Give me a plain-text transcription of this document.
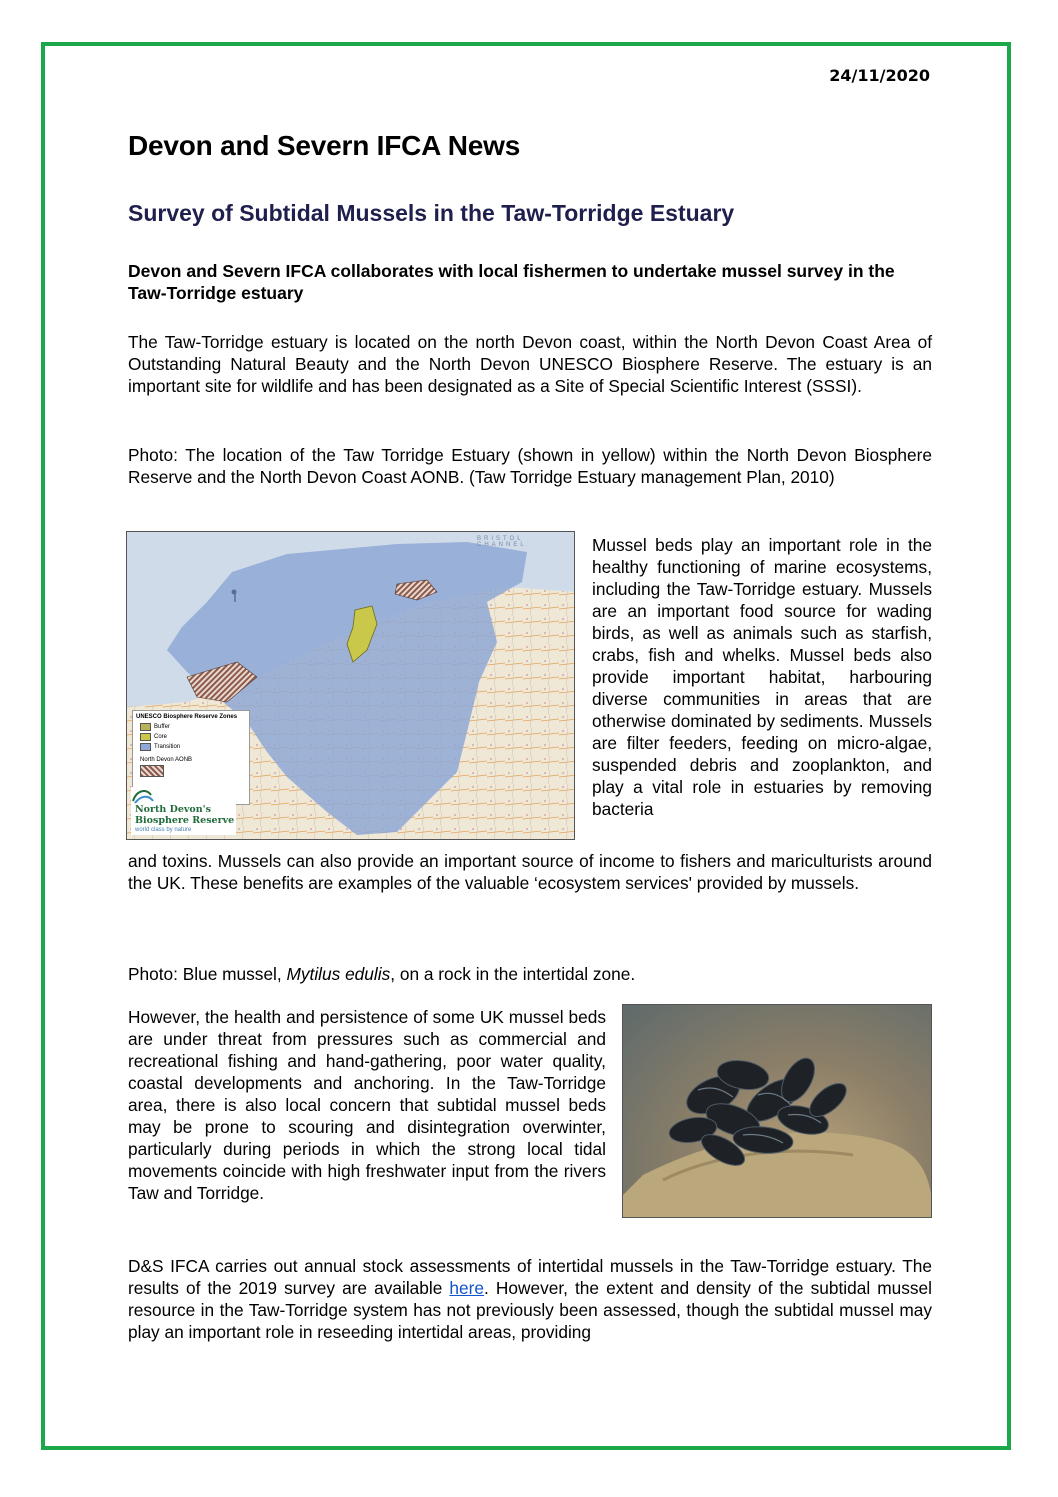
24/11/2020
Devon and Severn IFCA News
Survey of Subtidal Mussels in the Taw-Torridge Estuary
Devon and Severn IFCA collaborates with local fishermen to undertake mussel survey in the Taw-Torridge estuary
The Taw-Torridge estuary is located on the north Devon coast, within the North Devon Coast Area of Outstanding Natural Beauty and the North Devon UNESCO Biosphere Reserve. The estuary is an important site for wildlife and has been designated as a Site of Special Scientific Interest (SSSI).
Photo: The location of the Taw Torridge Estuary (shown in yellow) within the North Devon Biosphere Reserve and the North Devon Coast AONB. (Taw Torridge Estuary management Plan, 2010)
BRISTOL CHANNEL
UNESCO Biosphere Reserve Zones
Buffer
Core
Transition
North Devon AONB
North Devon's
Biosphere Reserve
world class by nature
Mussel beds play an important role in the healthy functioning of marine ecosystems, including the Taw-Torridge estuary. Mussels are an important food source for wading birds, as well as animals such as starfish, crabs, fish and whelks. Mussel beds also provide important habitat, harbouring diverse communities in areas that are otherwise dominated by sediments. Mussels are filter feeders, feeding on micro-algae, suspended debris and zooplankton, and play a vital role in estuaries by removing bacteria
and toxins. Mussels can also provide an important source of income to fishers and mariculturists around the UK. These benefits are examples of the valuable ‘ecosystem services' provided by mussels.
Photo: Blue mussel, Mytilus edulis, on a rock in the intertidal zone.
However, the health and persistence of some UK mussel beds are under threat from pressures such as commercial and recreational fishing and hand-gathering, poor water quality, coastal developments and anchoring. In the Taw-Torridge area, there is also local concern that subtidal mussel beds may be prone to scouring and disintegration overwinter, particularly during periods in which the strong local tidal movements coincide with high freshwater input from the rivers Taw and Torridge.
D&S IFCA carries out annual stock assessments of intertidal mussels in the Taw-Torridge estuary. The results of the 2019 survey are available here. However, the extent and density of the subtidal mussel resource in the Taw-Torridge system has not previously been assessed, though the subtidal mussel may play an important role in reseeding intertidal areas, providing
